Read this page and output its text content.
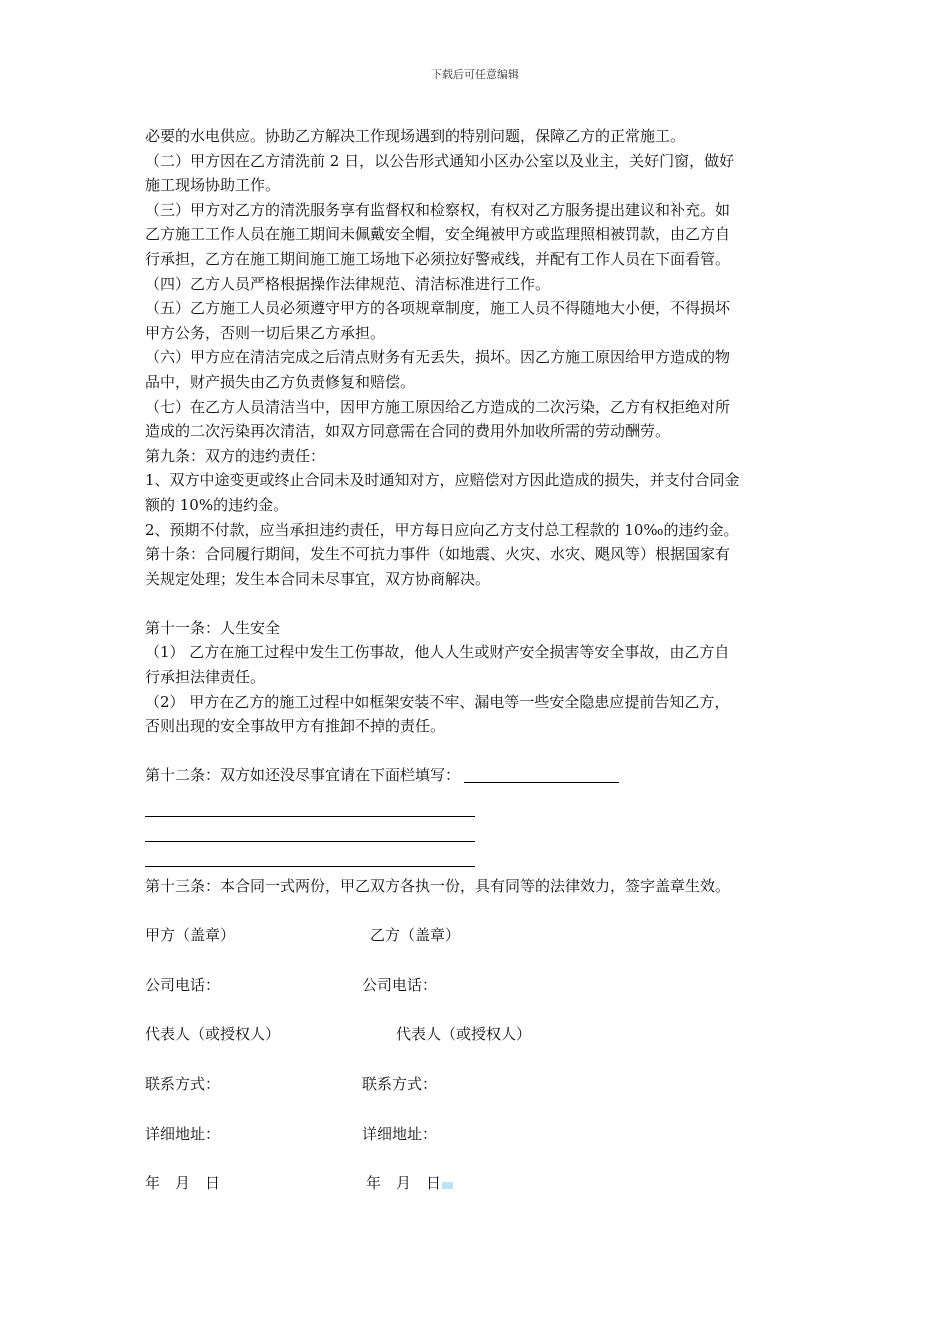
下载后可任意编辑
必要的水电供应。协助乙方解决工作现场遇到的特别问题，保障乙方的正常施工。
（二）甲方因在乙方清洗前 2 日，以公告形式通知小区办公室以及业主，关好门窗，做好
施工现场协助工作。
（三）甲方对乙方的清洗服务享有监督权和检察权，有权对乙方服务提出建议和补充。如
乙方施工工作人员在施工期间未佩戴安全帽，安全绳被甲方或监理照相被罚款，由乙方自
行承担，乙方在施工期间施工施工场地下必须拉好警戒线，并配有工作人员在下面看管。
（四）乙方人员严格根据操作法律规范、清洁标准进行工作。
（五）乙方施工人员必须遵守甲方的各项规章制度，施工人员不得随地大小便，不得损坏
甲方公务，否则一切后果乙方承担。
（六）甲方应在清洁完成之后清点财务有无丢失，损坏。因乙方施工原因给甲方造成的物
品中，财产损失由乙方负责修复和赔偿。
（七）在乙方人员清洁当中，因甲方施工原因给乙方造成的二次污染，乙方有权拒绝对所
造成的二次污染再次清洁，如双方同意需在合同的费用外加收所需的劳动酬劳。
第九条：双方的违约责任：
1、双方中途变更或终止合同未及时通知对方，应赔偿对方因此造成的损失，并支付合同金
额的 10%的违约金。
2、预期不付款，应当承担违约责任，甲方每日应向乙方支付总工程款的 10‰的违约金。
第十条：合同履行期间，发生不可抗力事件（如地震、火灾、水灾、飓风等）根据国家有
关规定处理；发生本合同未尽事宜，双方协商解决。
第十一条：人生安全
（1） 乙方在施工过程中发生工伤事故，他人人生或财产安全损害等安全事故，由乙方自
行承担法律责任。
（2） 甲方在乙方的施工过程中如框架安装不牢、漏电等一些安全隐患应提前告知乙方，
否则出现的安全事故甲方有推卸不掉的责任。
第十二条：双方如还没尽事宜请在下面栏填写：
第十三条：本合同一式两份，甲乙双方各执一份，具有同等的法律效力，签字盖章生效。
甲方（盖章）	乙方（盖章）
公司电话：	公司电话：
代表人（或授权人）	代表人（或授权人）
联系方式：	联系方式：
详细地址：	详细地址：
年　月　日	年　月　日
